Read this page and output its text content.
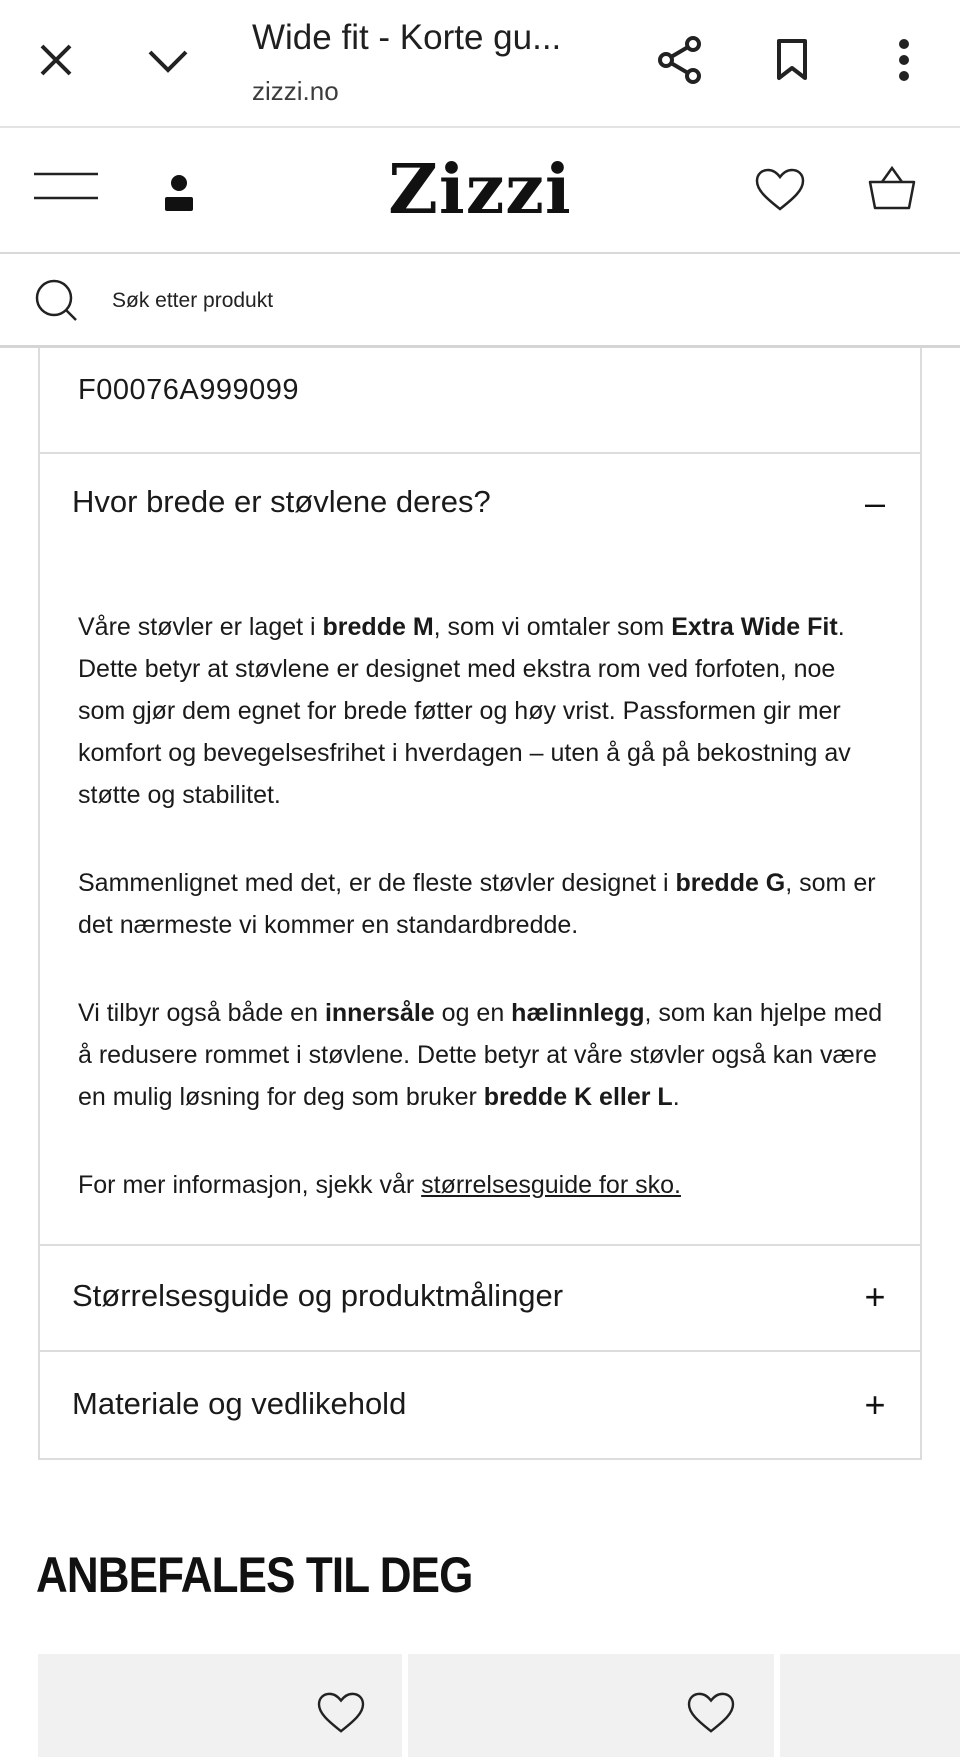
Wide fit - Korte gu...
zizzi.no
Zizzi
Søk etter produkt
F00076A999099
Hvor brede er støvlene deres?	–

Våre støvler er laget i bredde M, som vi omtaler som Extra Wide Fit. Dette betyr at støvlene er designet med ekstra rom ved forfoten, noe som gjør dem egnet for brede føtter og høy vrist. Passformen gir mer komfort og bevegelsesfrihet i hverdagen – uten å gå på bekostning av støtte og stabilitet.

Sammenlignet med det, er de fleste støvler designet i bredde G, som er det nærmeste vi kommer en standardbredde.

Vi tilbyr også både en innersåle og en hælinnlegg, som kan hjelpe med å redusere rommet i støvlene. Dette betyr at våre støvler også kan være en mulig løsning for deg som bruker bredde K eller L.

For mer informasjon, sjekk vår størrelsesguide for sko.

Størrelsesguide og produktmålinger	+
Materiale og vedlikehold	+
ANBEFALES TIL DEG
